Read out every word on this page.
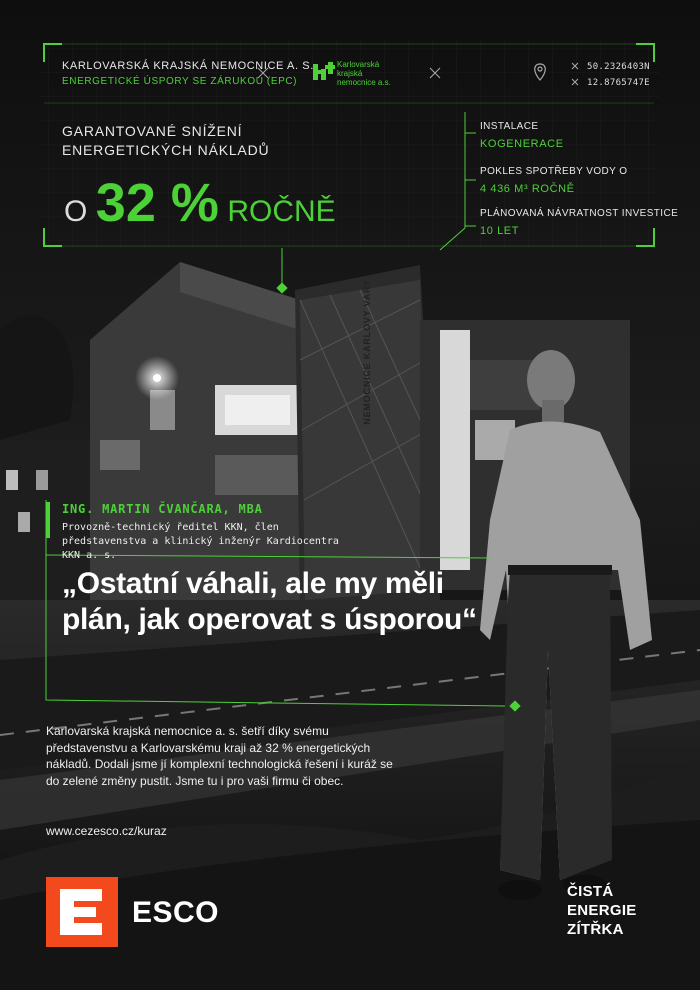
KARLOVARSKÁ KRAJSKÁ NEMOCNICE A. S.
ENERGETICKÉ ÚSPORY SE ZÁRUKOU (EPC)
Karlovarská
krajská
nemocnice a.s.
50.2326403N
12.8765747E
GARANTOVANÉ SNÍŽENÍ ENERGETICKÝCH NÁKLADŮ
O 32 % ROČNĚ
INSTALACE
KOGENERACE
POKLES SPOTŘEBY VODY O
4 436 M³ ROČNĚ
PLÁNOVANÁ NÁVRATNOST INVESTICE
10 LET
NEMOCNICE KARLOVY VARY
ING. MARTIN ČVANČARA, MBA
Provozně-technický ředitel KKN, člen představenstva a klinický inženýr Kardiocentra KKN a. s.
„Ostatní váhali, ale my měli plán, jak operovat s úsporou“
Karlovarská krajská nemocnice a. s. šetří díky svému představenstvu a Karlovarskému kraji až 32 % energetických nákladů. Dodali jsme jí komplexní technologická řešení i kuráž se do zelené změny pustit. Jsme tu i pro vaši firmu či obec.
www.cezesco.cz/kuraz
ESCO
ČISTÁ
ENERGIE
ZÍTŘKA
